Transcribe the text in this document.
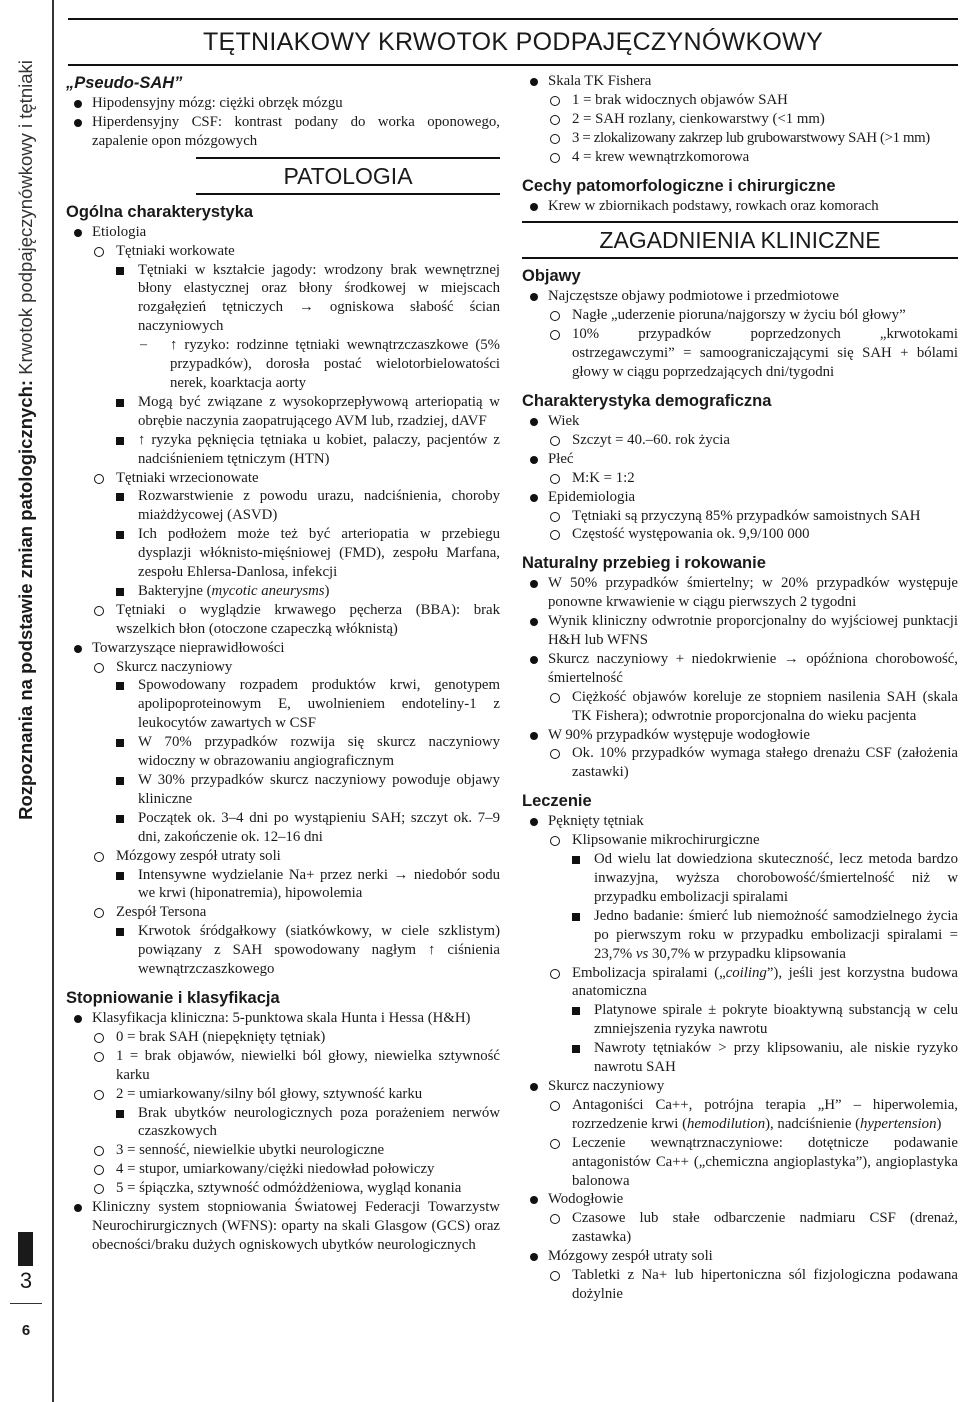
Rozpoznania na podstawie zmian patologicznych: Krwotok podpajęczynówkowy i tętniaki
3
6
TĘTNIAKOWY KRWOTOK PODPAJĘCZYNÓWKOWY

„Pseudo-SAH”

Hipodensyjny mózg: ciężki obrzęk mózgu

Hiperdensyjny CSF: kontrast podany do worka oponowego, zapalenie opon mózgowych

PATOLOGIA

Ogólna charakterystyka

Etiologia

Tętniaki workowate

Tętniaki w kształcie jagody: wrodzony brak wewnętrznej błony elastycznej oraz błony środkowej w miejscach rozgałęzień tętniczych → ogniskowa słabość ścian naczyniowych

– ↑ ryzyko: rodzinne tętniaki wewnątrzczaszkowe (5% przypadków), dorosła postać wielotorbielowatości nerek, koarktacja aorty

Mogą być związane z wysokoprzepływową arteriopatią w obrębie naczynia zaopatrującego AVM lub, rzadziej, dAVF

↑ ryzyka pęknięcia tętniaka u kobiet, palaczy, pacjentów z nadciśnieniem tętniczym (HTN)

Tętniaki wrzecionowate

Rozwarstwienie z powodu urazu, nadciśnienia, choroby miażdżycowej (ASVD)

Ich podłożem może też być arteriopatia w przebiegu dysplazji włóknisto-mięśniowej (FMD), zespołu Marfana, zespołu Ehlersa-Danlosa, infekcji

Bakteryjne (mycotic aneurysms)

Tętniaki o wyglądzie krwawego pęcherza (BBA): brak wszelkich błon (otoczone czapeczką włóknistą)

Towarzyszące nieprawidłowości

Skurcz naczyniowy

Spowodowany rozpadem produktów krwi, genotypem apolipoproteinowym E, uwolnieniem endoteliny-1 z leukocytów zawartych w CSF

W 70% przypadków rozwija się skurcz naczyniowy widoczny w obrazowaniu angiograficznym

W 30% przypadków skurcz naczyniowy powoduje objawy kliniczne

Początek ok. 3–4 dni po wystąpieniu SAH; szczyt ok. 7–9 dni, zakończenie ok. 12–16 dni

Mózgowy zespół utraty soli

Intensywne wydzielanie Na+ przez nerki → niedobór sodu we krwi (hiponatremia), hipowolemia

Zespół Tersona

Krwotok śródgałkowy (siatkówkowy, w ciele szklistym) powiązany z SAH spowodowany nagłym ↑ ciśnienia wewnątrzczaszkowego

Stopniowanie i klasyfikacja

Klasyfikacja kliniczna: 5-punktowa skala Hunta i Hessa (H&H)

0 = brak SAH (niepęknięty tętniak)

1 = brak objawów, niewielki ból głowy, niewielka sztywność karku

2 = umiarkowany/silny ból głowy, sztywność karku

Brak ubytków neurologicznych poza porażeniem nerwów czaszkowych

3 = senność, niewielkie ubytki neurologiczne

4 = stupor, umiarkowany/ciężki niedowład połowiczy

5 = śpiączka, sztywność odmóżdżeniowa, wygląd konania

Kliniczny system stopniowania Światowej Federacji Towarzystw Neurochirurgicznych (WFNS): oparty na skali Glasgow (GCS) oraz obecności/braku dużych ogniskowych ubytków neurologicznych

Skala TK Fishera

1 = brak widocznych objawów SAH

2 = SAH rozlany, cienkowarstwy (<1 mm)

3 = zlokalizowany zakrzep lub grubowarstwowy SAH (>1 mm)

4 = krew wewnątrzkomorowa

Cechy patomorfologiczne i chirurgiczne

Krew w zbiornikach podstawy, rowkach oraz komorach

ZAGADNIENIA KLINICZNE

Objawy

Najczęstsze objawy podmiotowe i przedmiotowe

Nagłe „uderzenie pioruna/najgorszy w życiu ból głowy”

10% przypadków poprzedzonych „krwotokami ostrzegawczymi” = samoograniczającymi się SAH + bólami głowy w ciągu poprzedzających dni/tygodni

Charakterystyka demograficzna

Wiek

Szczyt = 40.–60. rok życia

Płeć

M:K = 1:2

Epidemiologia

Tętniaki są przyczyną 85% przypadków samoistnych SAH

Częstość występowania ok. 9,9/100 000

Naturalny przebieg i rokowanie

W 50% przypadków śmiertelny; w 20% przypadków występuje ponowne krwawienie w ciągu pierwszych 2 tygodni

Wynik kliniczny odwrotnie proporcjonalny do wyjściowej punktacji H&H lub WFNS

Skurcz naczyniowy + niedokrwienie → opóźniona chorobowość, śmiertelność

Ciężkość objawów koreluje ze stopniem nasilenia SAH (skala TK Fishera); odwrotnie proporcjonalna do wieku pacjenta

W 90% przypadków występuje wodogłowie

Ok. 10% przypadków wymaga stałego drenażu CSF (założenia zastawki)

Leczenie

Pęknięty tętniak

Klipsowanie mikrochirurgiczne

Od wielu lat dowiedziona skuteczność, lecz metoda bardzo inwazyjna, wyższa chorobowość/śmiertelność niż w przypadku embolizacji spiralami

Jedno badanie: śmierć lub niemożność samodzielnego życia po pierwszym roku w przypadku embolizacji spiralami = 23,7% vs 30,7% w przypadku klipsowania

Embolizacja spiralami („coiling”), jeśli jest korzystna budowa anatomiczna

Platynowe spirale ± pokryte bioaktywną substancją w celu zmniejszenia ryzyka nawrotu

Nawroty tętniaków > przy klipsowaniu, ale niskie ryzyko nawrotu SAH

Skurcz naczyniowy

Antagoniści Ca++, potrójna terapia „H” – hiperwolemia, rozrzedzenie krwi (hemodilution), nadciśnienie (hypertension)

Leczenie wewnątrznaczyniowe: dotętnicze podawanie antagonistów Ca++ („chemiczna angioplastyka”), angioplastyka balonowa

Wodogłowie

Czasowe lub stałe odbarczenie nadmiaru CSF (drenaż, zastawka)

Mózgowy zespół utraty soli

Tabletki z Na+ lub hipertoniczna sól fizjologiczna podawana dożylnie
